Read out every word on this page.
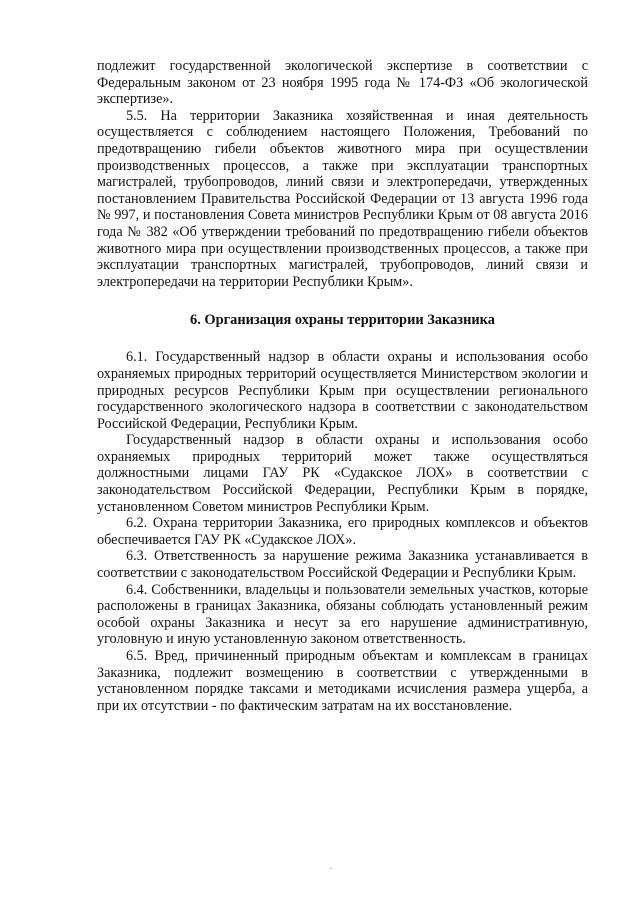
подлежит государственной экологической экспертизе в соответствии с Федеральным законом от 23 ноября 1995 года № 174-ФЗ «Об экологической экспертизе».

5.5. На территории Заказника хозяйственная и иная деятельность осуществляется с соблюдением настоящего Положения, Требований по предотвращению гибели объектов животного мира при осуществлении производственных процессов, а также при эксплуатации транспортных магистралей, трубопроводов, линий связи и электропередачи, утвержденных постановлением Правительства Российской Федерации от 13 августа 1996 года № 997, и постановления Совета министров Республики Крым от 08 августа 2016 года № 382 «Об утверждении требований по предотвращению гибели объектов животного мира при осуществлении производственных процессов, а также при эксплуатации транспортных магистралей, трубопроводов, линий связи и электропередачи на территории Республики Крым».

6. Организация охраны территории Заказника

6.1. Государственный надзор в области охраны и использования особо охраняемых природных территорий осуществляется Министерством экологии и природных ресурсов Республики Крым при осуществлении регионального государственного экологического надзора в соответствии с законодательством Российской Федерации, Республики Крым.

Государственный надзор в области охраны и использования особо охраняемых природных территорий может также осуществляться должностными лицами ГАУ РК «Судакское ЛОХ» в соответствии с законодательством Российской Федерации, Республики Крым в порядке, установленном Советом министров Республики Крым.

6.2. Охрана территории Заказника, его природных комплексов и объектов обеспечивается ГАУ РК «Судакское ЛОХ».

6.3. Ответственность за нарушение режима Заказника устанавливается в соответствии с законодательством Российской Федерации и Республики Крым.

6.4. Собственники, владельцы и пользователи земельных участков, которые расположены в границах Заказника, обязаны соблюдать установленный режим особой охраны Заказника и несут за его нарушение административную, уголовную и иную установленную законом ответственность.

6.5. Вред, причиненный природным объектам и комплексам в границах Заказника, подлежит возмещению в соответствии с утвержденными в установленном порядке таксами и методиками исчисления размера ущерба, а при их отсутствии - по фактическим затратам на их восстановление.
